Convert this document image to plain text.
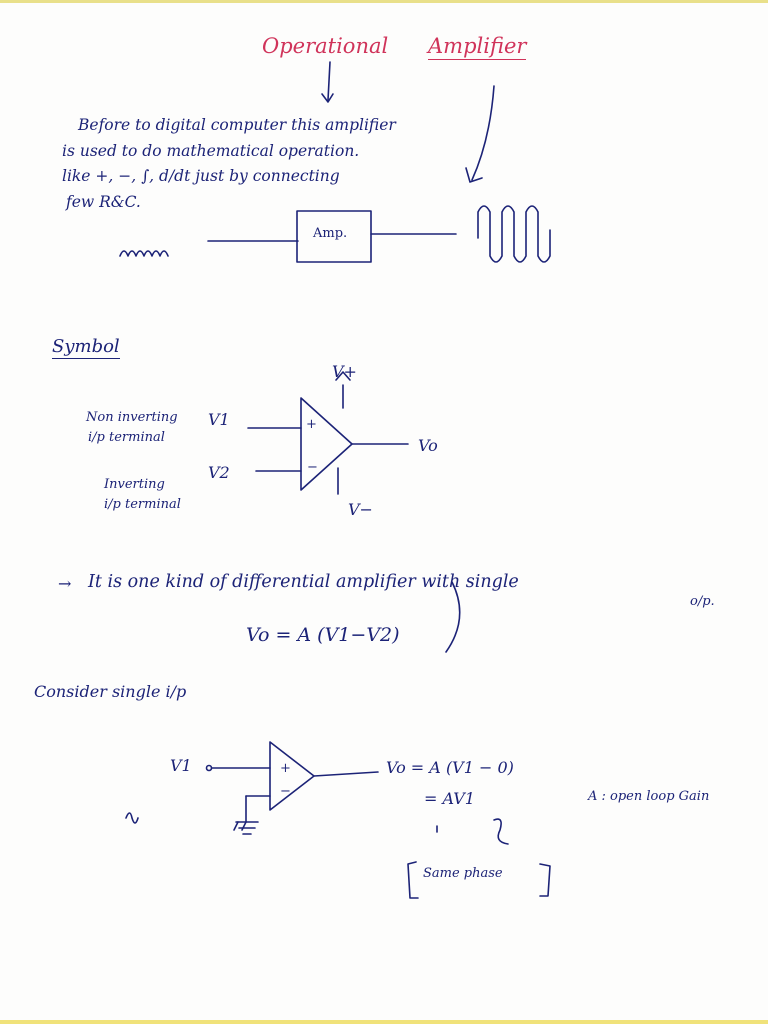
Operational Amplifier
Before to digital computer this amplifier
is used to do mathematical operation.
like +, −, ∫, d/dt just by connecting
few R&C.
Amp.
Symbol
V+
Non inverting
i/p terminal
V1
V2
Inverting
i/p terminal
Vo
V−
+
−
→ It is one kind of differential amplifier with single
o/p.
Vo = A (V1−V2)
Consider single i/p
V1	+
−
Vo = A (V1 − 0)
= AV1	A : open loop Gain
Same phase
